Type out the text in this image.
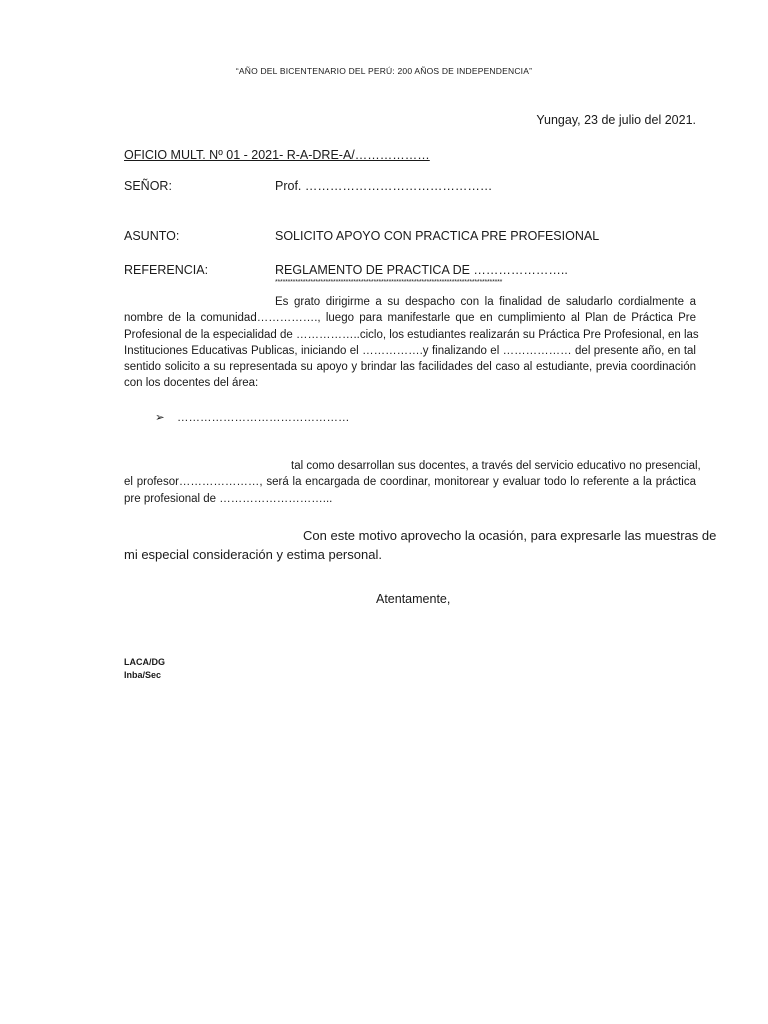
“AÑO DEL BICENTENARIO DEL PERÚ: 200 AÑOS DE INDEPENDENCIA”
Yungay, 23 de julio del 2021.
OFICIO MULT. Nº 01 - 2021- R-A-DRE-A/………………
SEÑOR:	Prof. ………………………………………
ASUNTO:	SOLICITO APOYO CON PRACTICA PRE PROFESIONAL
REFERENCIA:	REGLAMENTO DE PRACTICA DE …………………..
******************************************************************************************
Es grato dirigirme a su despacho con la finalidad de saludarlo cordialmente a
nombre de la comunidad……………., luego para manifestarle que en cumplimiento al Plan de Práctica Pre
Profesional de la especialidad de ……………..ciclo, los estudiantes realizarán su Práctica Pre Profesional, en las
Instituciones Educativas Publicas, iniciando el …………….y finalizando el ……………… del presente año, en tal
sentido solicito a su representada su apoyo y brindar las facilidades del caso al estudiante, previa coordinación
con los docentes del área:
➢ ………………………………………
tal como desarrollan sus docentes, a través del servicio educativo no presencial,
el profesor…………………, será la encargada de coordinar, monitorear y evaluar todo lo referente a la práctica
pre profesional de ………………………...
Con este motivo aprovecho la ocasión, para expresarle las muestras de
mi especial consideración y estima personal.
Atentamente,
LACA/DG
Inba/Sec
